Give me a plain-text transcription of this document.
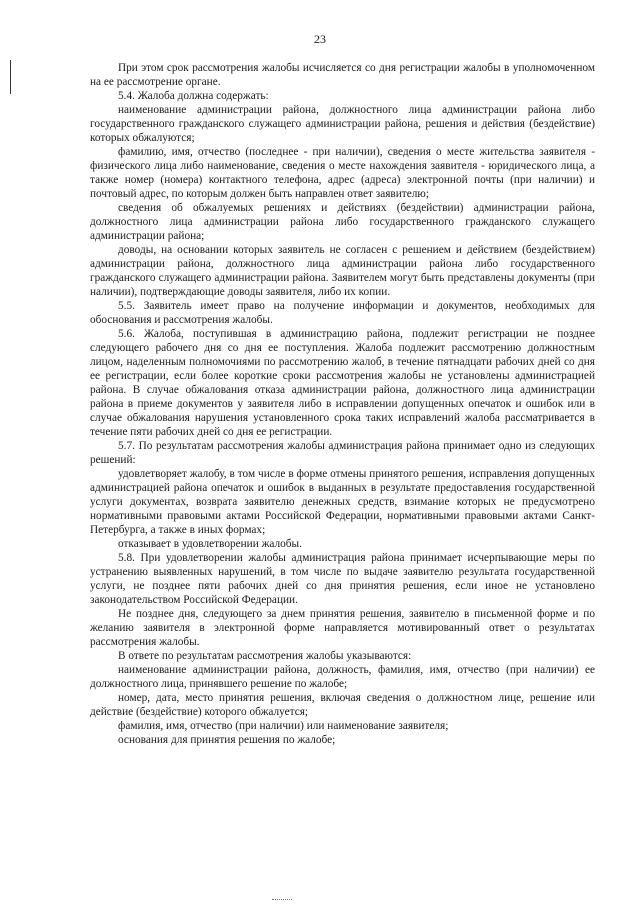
23

При этом срок рассмотрения жалобы исчисляется со дня регистрации жалобы в уполномоченном на ее рассмотрение органе.

5.4. Жалоба должна содержать:

наименование администрации района, должностного лица администрации района либо государственного гражданского служащего администрации района, решения и действия (бездействие) которых обжалуются;

фамилию, имя, отчество (последнее - при наличии), сведения о месте жительства заявителя - физического лица либо наименование, сведения о месте нахождения заявителя - юридического лица, а также номер (номера) контактного телефона, адрес (адреса) электронной почты (при наличии) и почтовый адрес, по которым должен быть направлен ответ заявителю;

сведения об обжалуемых решениях и действиях (бездействии) администрации района, должностного лица администрации района либо государственного гражданского служащего администрации района;

доводы, на основании которых заявитель не согласен с решением и действием (бездействием) администрации района, должностного лица администрации района либо государственного гражданского служащего администрации района. Заявителем могут быть представлены документы (при наличии), подтверждающие доводы заявителя, либо их копии.

5.5. Заявитель имеет право на получение информации и документов, необходимых для обоснования и рассмотрения жалобы.

5.6. Жалоба, поступившая в администрацию района, подлежит регистрации не позднее следующего рабочего дня со дня ее поступления. Жалоба подлежит рассмотрению должностным лицом, наделенным полномочиями по рассмотрению жалоб, в течение пятнадцати рабочих дней со дня ее регистрации, если более короткие сроки рассмотрения жалобы не установлены администрацией района. В случае обжалования отказа администрации района, должностного лица администрации района в приеме документов у заявителя либо в исправлении допущенных опечаток и ошибок или в случае обжалования нарушения установленного срока таких исправлений жалоба рассматривается в течение пяти рабочих дней со дня ее регистрации.

5.7. По результатам рассмотрения жалобы администрация района принимает одно из следующих решений:

удовлетворяет жалобу, в том числе в форме отмены принятого решения, исправления допущенных администрацией района опечаток и ошибок в выданных в результате предоставления государственной услуги документах, возврата заявителю денежных средств, взимание которых не предусмотрено нормативными правовыми актами Российской Федерации, нормативными правовыми актами Санкт-Петербурга, а также в иных формах;

отказывает в удовлетворении жалобы.

5.8. При удовлетворении жалобы администрация района принимает исчерпывающие меры по устранению выявленных нарушений, в том числе по выдаче заявителю результата государственной услуги, не позднее пяти рабочих дней со дня принятия решения, если иное не установлено законодательством Российской Федерации.

Не позднее дня, следующего за днем принятия решения, заявителю в письменной форме и по желанию заявителя в электронной форме направляется мотивированный ответ о результатах рассмотрения жалобы.

В ответе по результатам рассмотрения жалобы указываются:

наименование администрации района, должность, фамилия, имя, отчество (при наличии) ее должностного лица, принявшего решение по жалобе;

номер, дата, место принятия решения, включая сведения о должностном лице, решение или действие (бездействие) которого обжалуется;

фамилия, имя, отчество (при наличии) или наименование заявителя;

основания для принятия решения по жалобе;
